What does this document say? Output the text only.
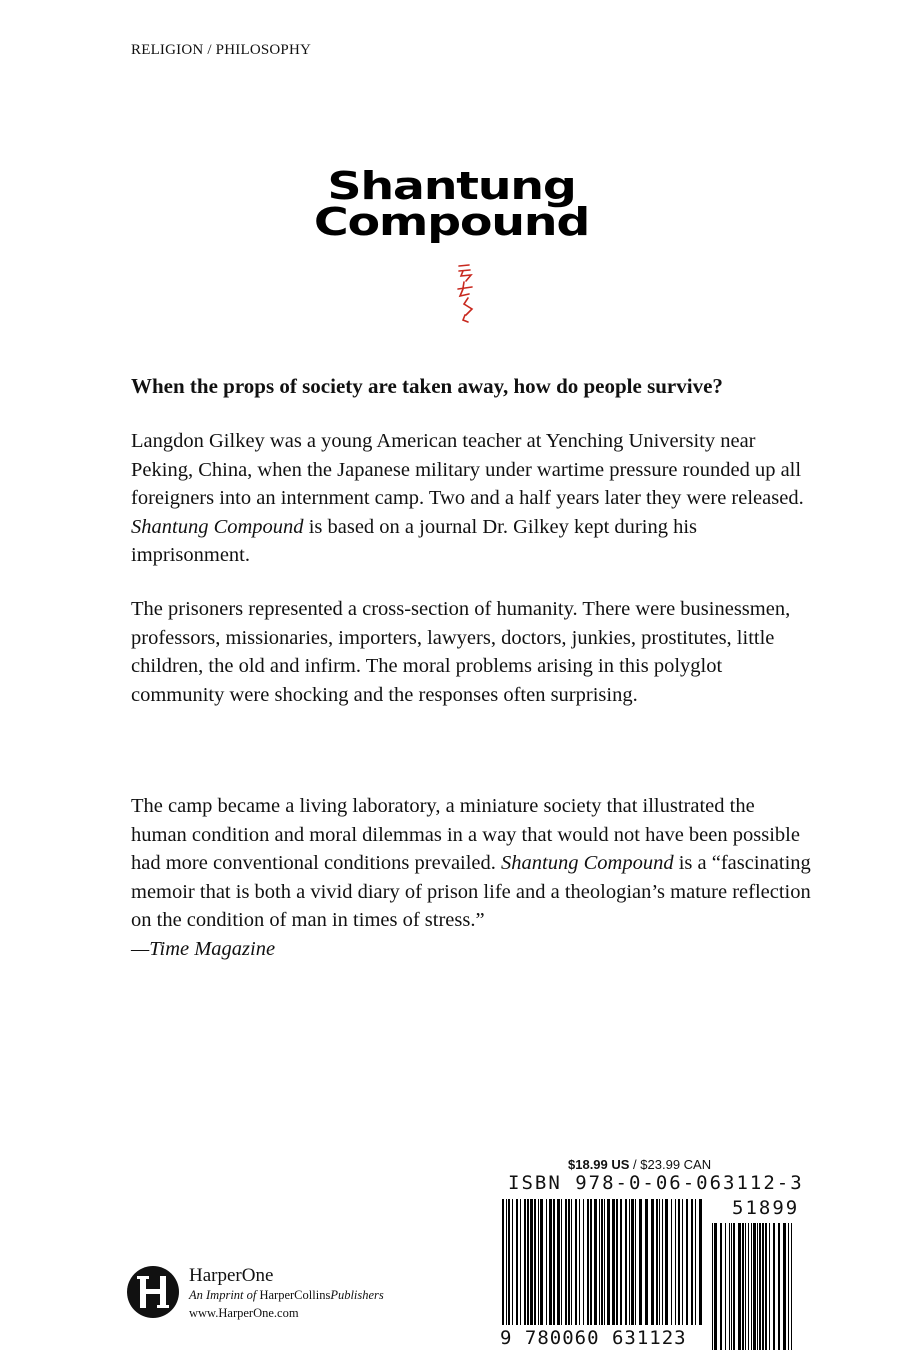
RELIGION / PHILOSOPHY
Shantung
Compound
When the props of society are taken away, how do people survive?

Langdon Gilkey was a young American teacher at Yenching University near Peking, China, when the Japanese military under wartime pressure rounded up all foreigners into an internment camp. Two and a half years later they were released. Shantung Compound is based on a journal Dr. Gilkey kept during his imprisonment.

The prisoners represented a cross-section of humanity. There were businessmen, professors, missionaries, importers, lawyers, doctors, junkies, prostitutes, little children, the old and infirm. The moral problems arising in this polyglot community were shocking and the responses often surprising.

The camp became a living laboratory, a miniature society that illustrated the human condition and moral dilemmas in a way that would not have been possible had more conventional conditions prevailed. Shantung Compound is a “fascinating memoir that is both a vivid diary of prison life and a theologian’s mature reflection on the condition of man in times of stress.”
—Time Magazine

$18.99 US / $23.99 CAN
ISBN 978-0-06-063112-3
51899
9 780060 631123
HarperOne
An Imprint of HarperCollinsPublishers
www.HarperOne.com
